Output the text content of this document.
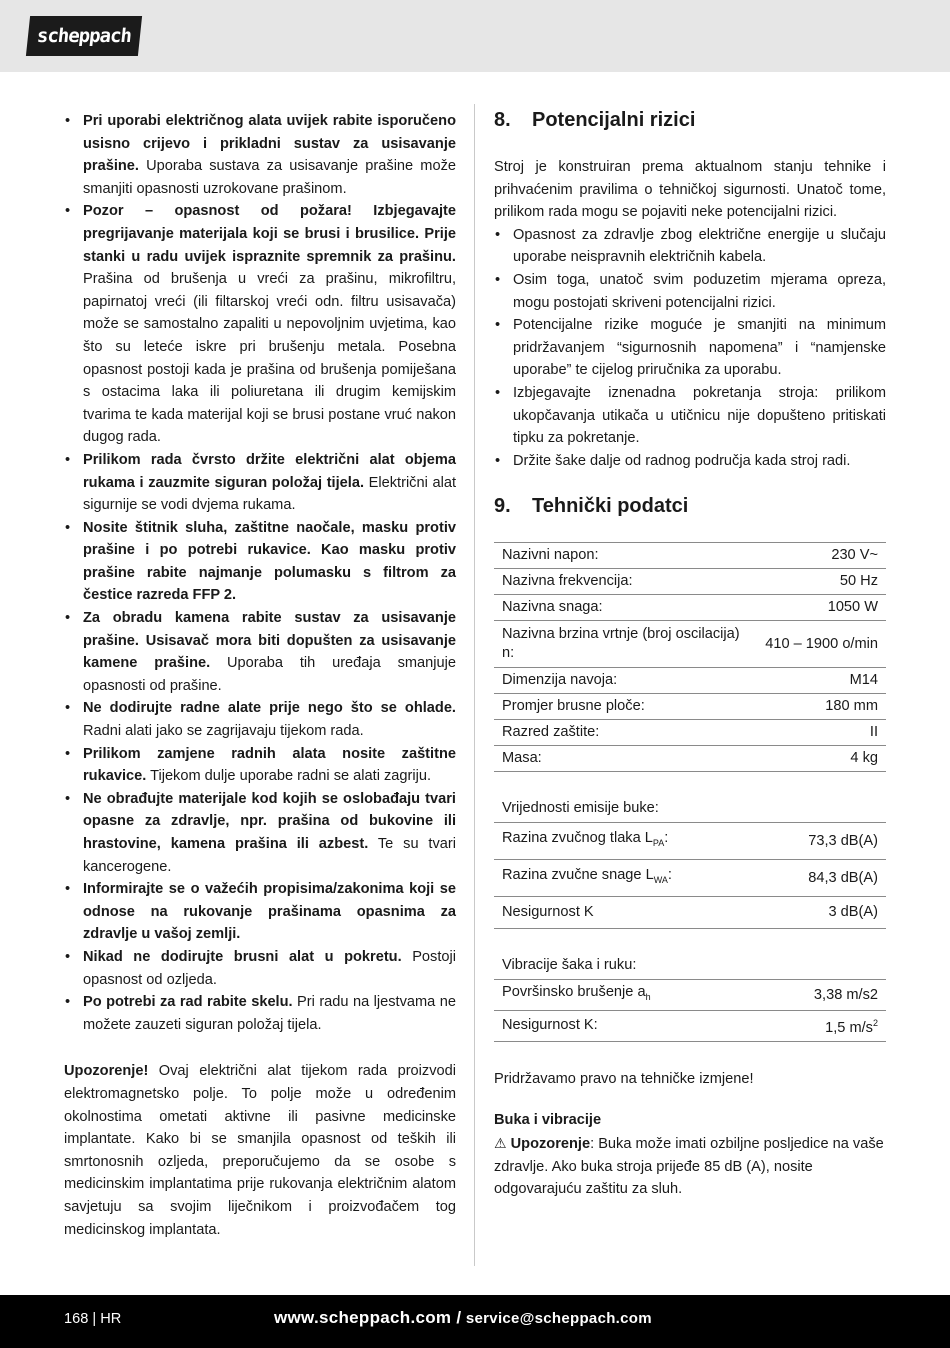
scheppach
• Pri uporabi električnog alata uvijek rabite isporučeno usisno crijevo i prikladni sustav za usisavanje prašine. Uporaba sustava za usisavanje prašine može smanjiti opasnosti uzrokovane prašinom.
• Pozor – opasnost od požara! Izbjegavajte pregrijavanje materijala koji se brusi i brusilice. Prije stanki u radu uvijek ispraznite spremnik za prašinu. Prašina od brušenja u vreći za prašinu, mikrofiltru, papirnatoj vreći (ili filtarskoj vreći odn. filtru usisavača) može se samostalno zapaliti u nepovoljnim uvjetima, kao što su leteće iskre pri brušenju metala. Posebna opasnost postoji kada je prašina od brušenja pomiješana s ostacima laka ili poliuretana ili drugim kemijskim tvarima te kada materijal koji se brusi postane vruć nakon dugog rada.
• Prilikom rada čvrsto držite električni alat objema rukama i zauzmite siguran položaj tijela. Električni alat sigurnije se vodi dvjema rukama.
• Nosite štitnik sluha, zaštitne naočale, masku protiv prašine i po potrebi rukavice. Kao masku protiv prašine rabite najmanje polumasku s filtrom za čestice razreda FFP 2.
• Za obradu kamena rabite sustav za usisavanje prašine. Usisavač mora biti dopušten za usisavanje kamene prašine. Uporaba tih uređaja smanjuje opasnosti od prašine.
• Ne dodirujte radne alate prije nego što se ohlade. Radni alati jako se zagrijavaju tijekom rada.
• Prilikom zamjene radnih alata nosite zaštitne rukavice. Tijekom dulje uporabe radni se alati zagriju.
• Ne obrađujte materijale kod kojih se oslobađaju tvari opasne za zdravlje, npr. prašina od bukovine ili hrastovine, kamena prašina ili azbest. Te su tvari kancerogene.
• Informirajte se o važećih propisima/zakonima koji se odnose na rukovanje prašinama opasnima za zdravlje u vašoj zemlji.
• Nikad ne dodirujte brusni alat u pokretu. Postoji opasnost od ozljeda.
• Po potrebi za rad rabite skelu. Pri radu na ljestvama ne možete zauzeti siguran položaj tijela.

Upozorenje! Ovaj električni alat tijekom rada proizvodi elektromagnetsko polje. To polje može u određenim okolnostima ometati aktivne ili pasivne medicinske implantate. Kako bi se smanjila opasnost od teških ili smrtonosnih ozljeda, preporučujemo da se osobe s medicinskim implantatima prije rukovanja električnim alatom savjetuju sa svojim liječnikom i proizvođačem tog medicinskog implantata.

8.	Potencijalni rizici

Stroj je konstruiran prema aktualnom stanju tehnike i prihvaćenim pravilima o tehničkoj sigurnosti. Unatoč tome, prilikom rada mogu se pojaviti neke potencijalni rizici.

• Opasnost za zdravlje zbog električne energije u slučaju uporabe neispravnih električnih kabela.
• Osim toga, unatoč svim poduzetim mjerama opreza, mogu postojati skriveni potencijalni rizici.
• Potencijalne rizike moguće je smanjiti na minimum pridržavanjem “sigurnosnih napomena” i “namjenske uporabe” te cijelog priručnika za uporabu.
• Izbjegavajte iznenadna pokretanja stroja: prilikom ukopčavanja utikača u utičnicu nije dopušteno pritiskati tipku za pokretanje.
• Držite šake dalje od radnog područja kada stroj radi.
9.	Tehnički podatci
Nazivni napon:	230 V~
Nazivna frekvencija:	50 Hz
Nazivna snaga:	1050 W
Nazivna brzina vrtnje (broj oscilacija) n:	410 – 1900 o/min
Dimenzija navoja:	M14
Promjer brusne ploče:	180 mm
Razred zaštite:	II
Masa:	4 kg
Vrijednosti emisije buke:	
Razina zvučnog tlaka $L_{PA}$:	73,3 dB(A)
Razina zvučne snage $L_{WA}$:	84,3 dB(A)
Nesigurnost K	3 dB(A)
Vibracije šaka i ruku:	
Površinsko brušenje $a_h$	3,38 m/s2
Nesigurnost K:	1,5 $m/s^2$

Pridržavamo pravo na tehničke izmjene!

Buka i vibracije

⚠ Upozorenje: Buka može imati ozbiljne posljedice na vaše zdravlje. Ako buka stroja prijeđe 85 dB (A), nosite odgovarajuću zaštitu za sluh.

168 | HR	www.scheppach.com / service@scheppach.com
